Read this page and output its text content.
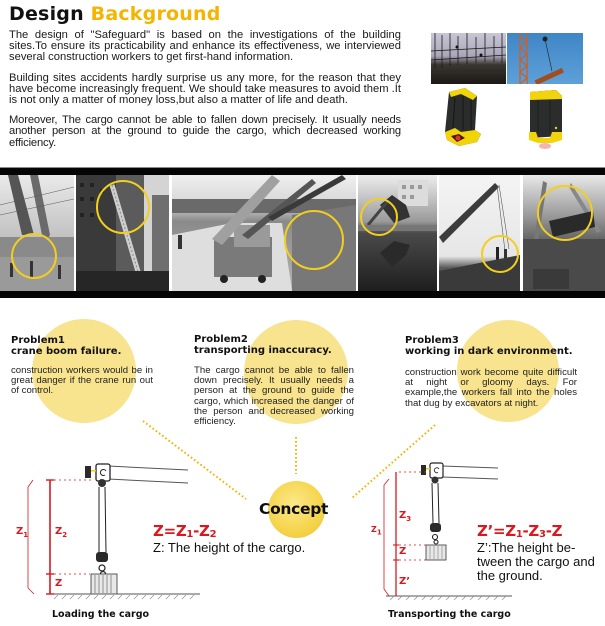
Design Background

The design of "Safeguard" is based on the investigations of the building sites.To ensure its practicability and enhance its effectiveness, we interviewed several construction workers to get first-hand information.

Building sites accidents hardly surprise us any more, for the reason that they have become increasingly frequent. We should take measures to avoid them .It is not only a matter of money loss,but also a matter of life and death.

Moreover, The cargo cannot be able to fallen down precisely. It usually needs another person at the ground to guide the cargo, which decreased working efficiency.

Problem1
crane boom failure.
construction workers would be in great danger if the crane run out of control.
Problem2
transporting inaccuracy.
The cargo cannot be able to fallen down precisely. It usually needs a person at the ground to guide the cargo, which increased the danger of the person and decreased working efficiency.
Problem3
working in dark environment.
construction work become quite difficult at night or gloomy days. For example,the workers fall into the holes that dug by excavators at night.
Concept
$Z=Z_1-Z_2$
Z: The height of the cargo.
Loading the cargo
$Z_1$	$Z_2$
Z
$Z’=Z_1-Z_3-Z$
Z’:The height be-
tween the cargo and
the ground.
Transporting the cargo
$Z_1$
$Z_3$
Z
Z’
